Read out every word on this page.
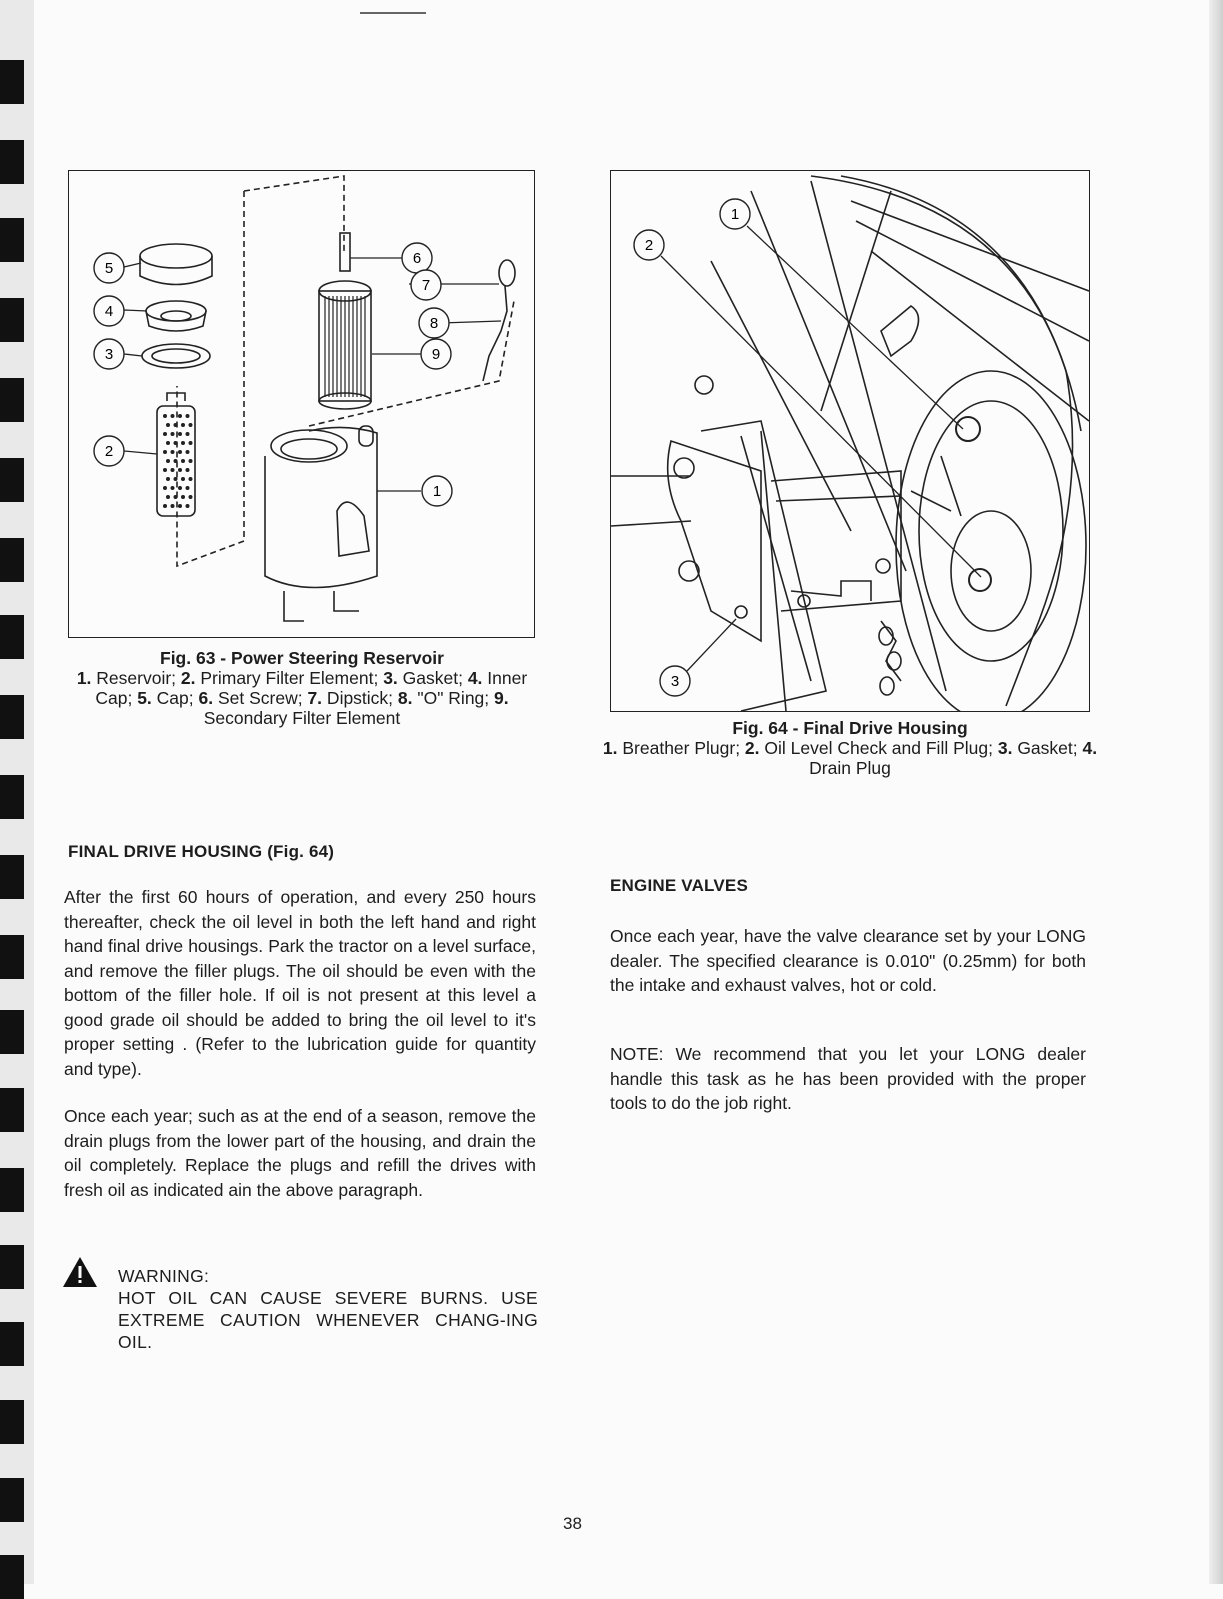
5
4
3
2
6
7
8
9
1
Fig. 63 - Power Steering Reservoir
1. Reservoir; 2. Primary Filter Element; 3. Gasket; 4. Inner Cap; 5. Cap; 6. Set Screw; 7. Dipstick; 8. "O" Ring; 9. Secondary Filter Element
1
2
3
Fig. 64 - Final Drive Housing
1. Breather Plugr; 2. Oil Level Check and Fill Plug; 3. Gasket; 4. Drain Plug
FINAL DRIVE HOUSING (Fig. 64)
After the first 60 hours of operation, and every 250 hours thereafter, check the oil level in both the left hand and right hand final drive housings. Park the tractor on a level surface, and remove the filler plugs. The oil should be even with the bottom of the filler hole. If oil is not present at this level a good grade oil should be added to bring the oil level to it's proper setting . (Refer to the lubrication guide for quantity and type).
Once each year; such as at the end of a season, remove the drain plugs from the lower part of the housing, and drain the oil completely. Replace the plugs and refill the drives with fresh oil as indicated ain the above paragraph.
WARNING:
HOT OIL CAN CAUSE SEVERE BURNS. USE EXTREME CAUTION WHENEVER CHANG-ING OIL.
ENGINE VALVES
Once each year, have the valve clearance set by your LONG dealer. The specified clearance is 0.010" (0.25mm) for both the intake and exhaust valves, hot or cold.
NOTE: We recommend that you let your LONG dealer handle this task as he has been provided with the proper tools to do the job right.
38
